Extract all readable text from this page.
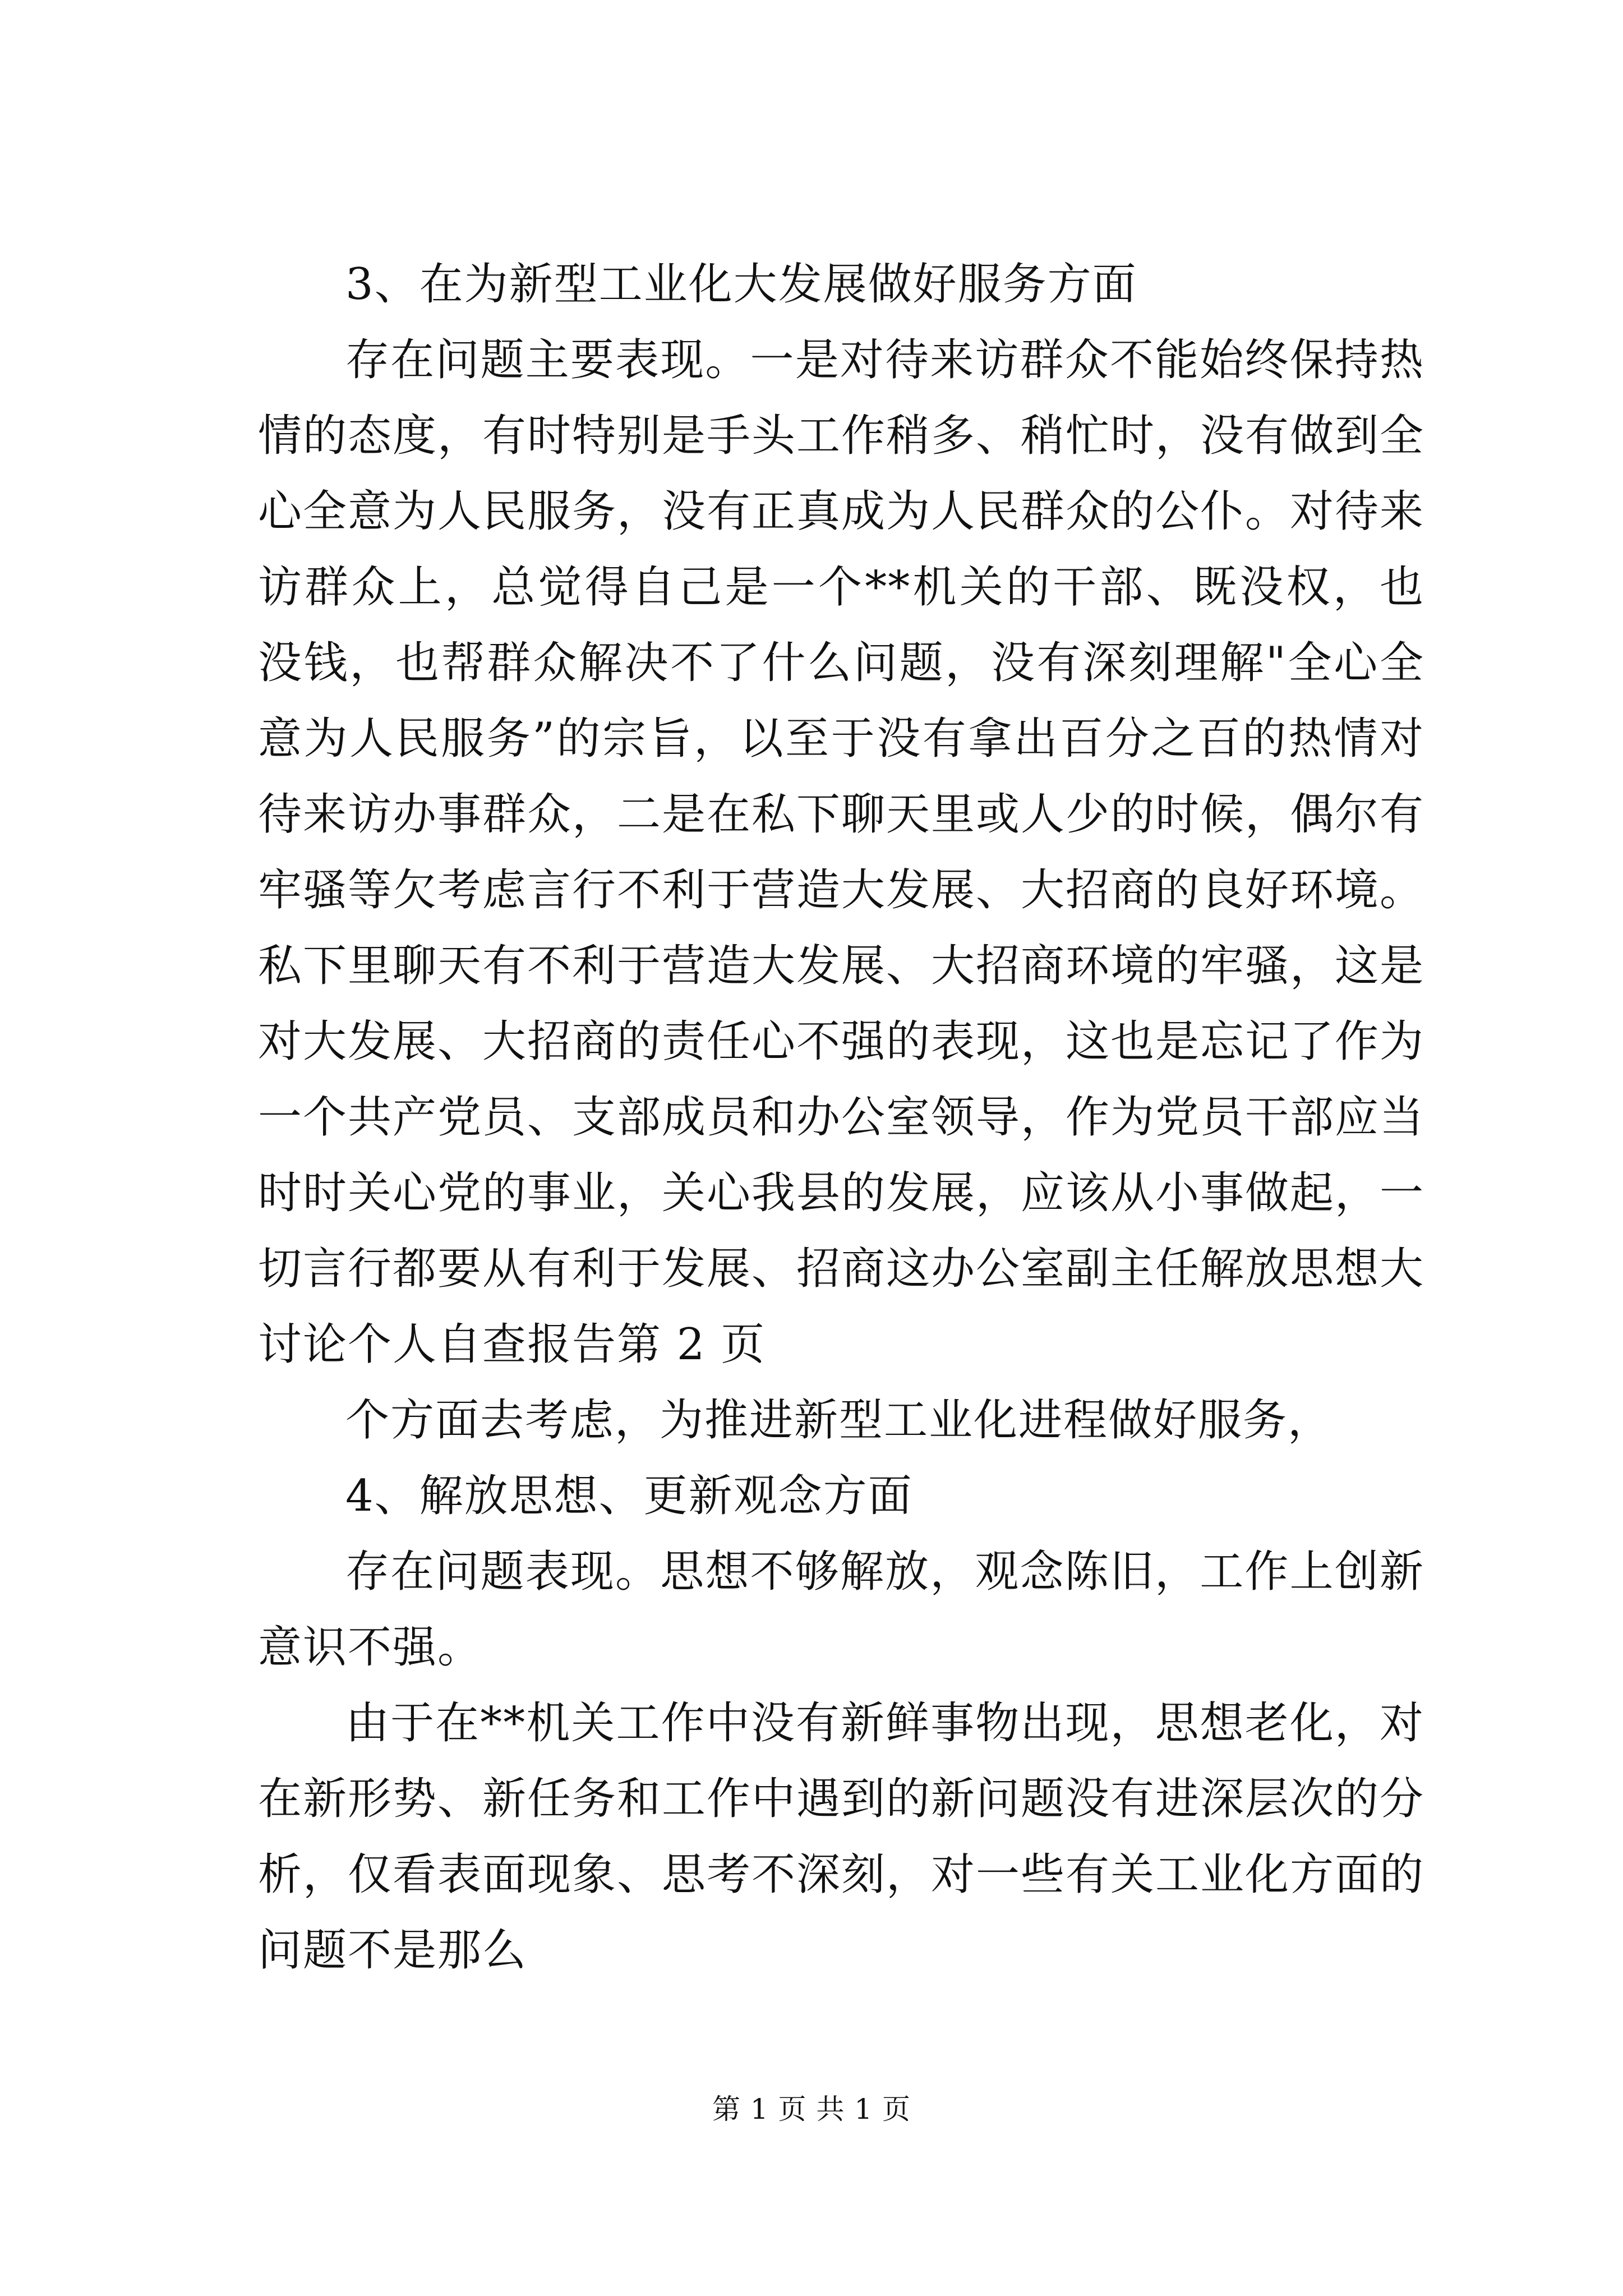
3、在为新型工业化大发展做好服务方面

存在问题主要表现。一是对待来访群众不能始终保持热情的态度，有时特别是手头工作稍多、稍忙时，没有做到全心全意为人民服务，没有正真成为人民群众的公仆。对待来访群众上，总觉得自己是一个**机关的干部、既没权，也没钱，也帮群众解决不了什么问题，没有深刻理解"全心全意为人民服务”的宗旨，以至于没有拿出百分之百的热情对待来访办事群众，二是在私下聊天里或人少的时候，偶尔有牢骚等欠考虑言行不利于营造大发展、大招商的良好环境。私下里聊天有不利于营造大发展、大招商环境的牢骚，这是对大发展、大招商的责任心不强的表现，这也是忘记了作为一个共产党员、支部成员和办公室领导，作为党员干部应当时时关心党的事业，关心我县的发展，应该从小事做起，一切言行都要从有利于发展、招商这办公室副主任解放思想大讨论个人自查报告第 2 页

个方面去考虑，为推进新型工业化进程做好服务，

4、解放思想、更新观念方面

存在问题表现。思想不够解放，观念陈旧，工作上创新意识不强。

由于在**机关工作中没有新鲜事物出现，思想老化，对在新形势、新任务和工作中遇到的新问题没有进深层次的分析，仅看表面现象、思考不深刻，对一些有关工业化方面的问题不是那么

第 1 页 共 1 页
